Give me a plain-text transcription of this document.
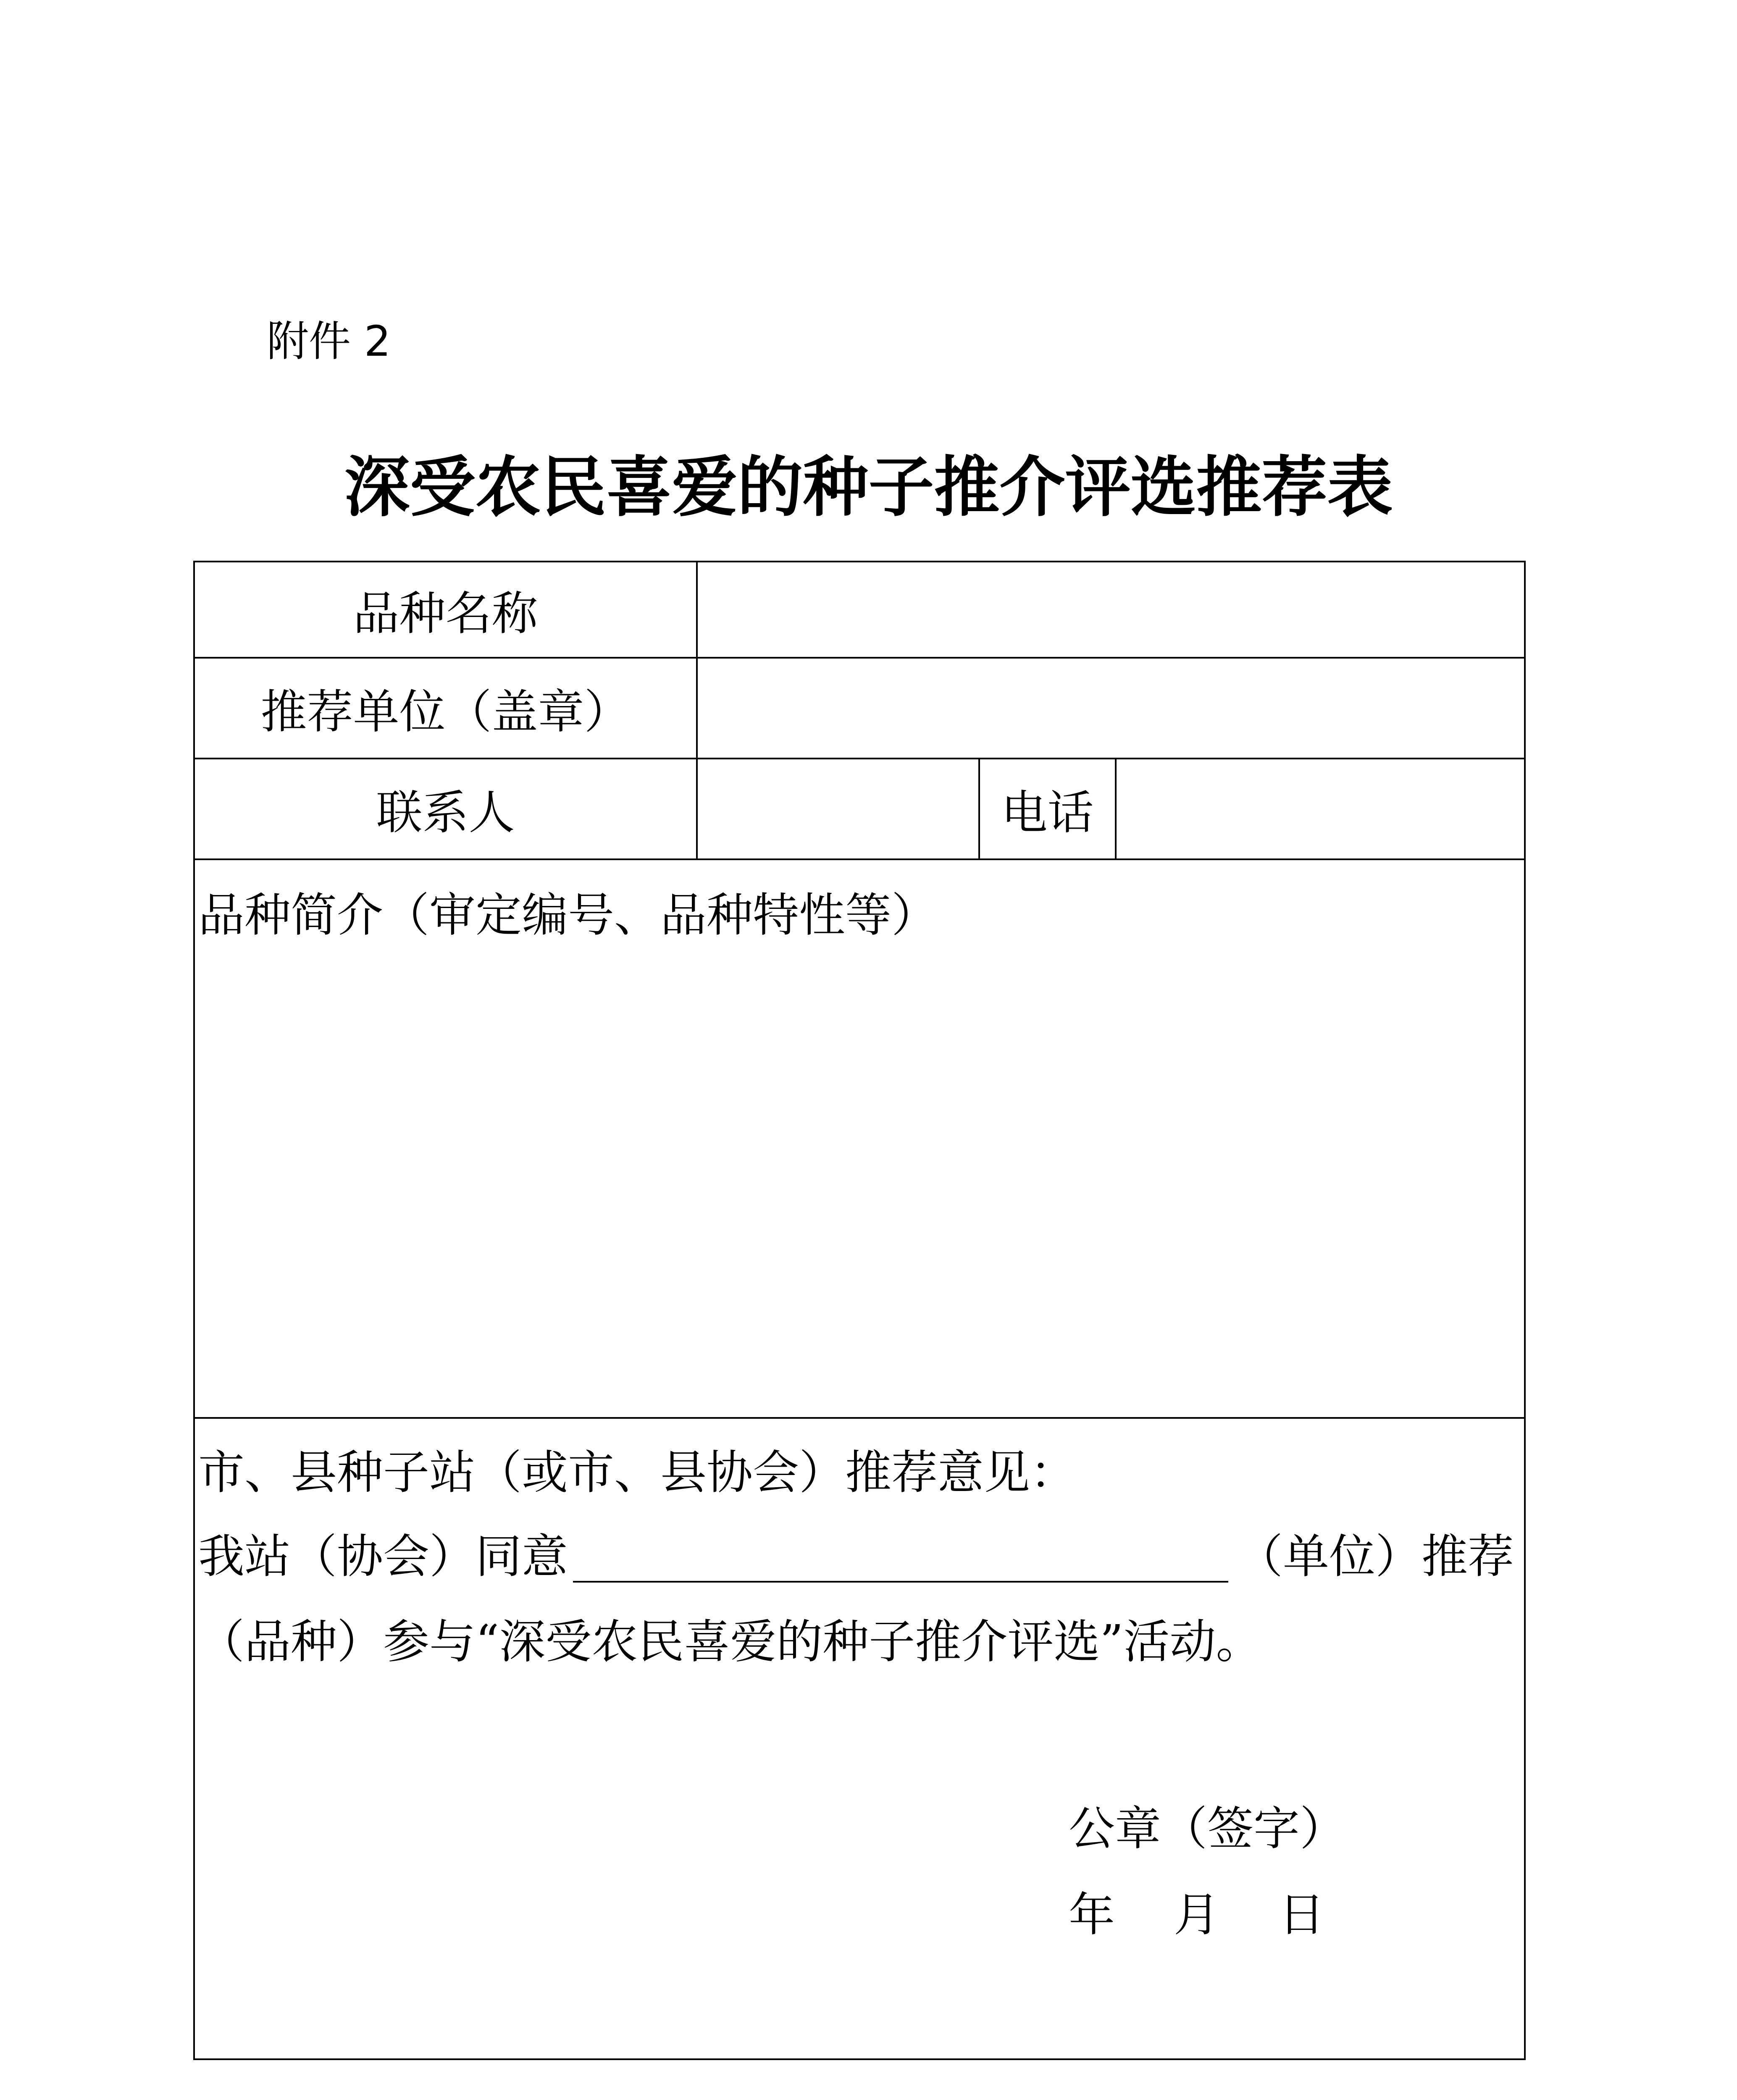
附件 2
深受农民喜爱的种子推介评选推荐表
品种名称
推荐单位（盖章）
联系人	电话
品种简介（审定编号、品种特性等）
市、县种子站（或市、县协会）推荐意见：
我站（协会）同意	（单位）推荐
（品种）参与“深受农民喜爱的种子推介评选”活动。
公章（签字）
年    月    日
